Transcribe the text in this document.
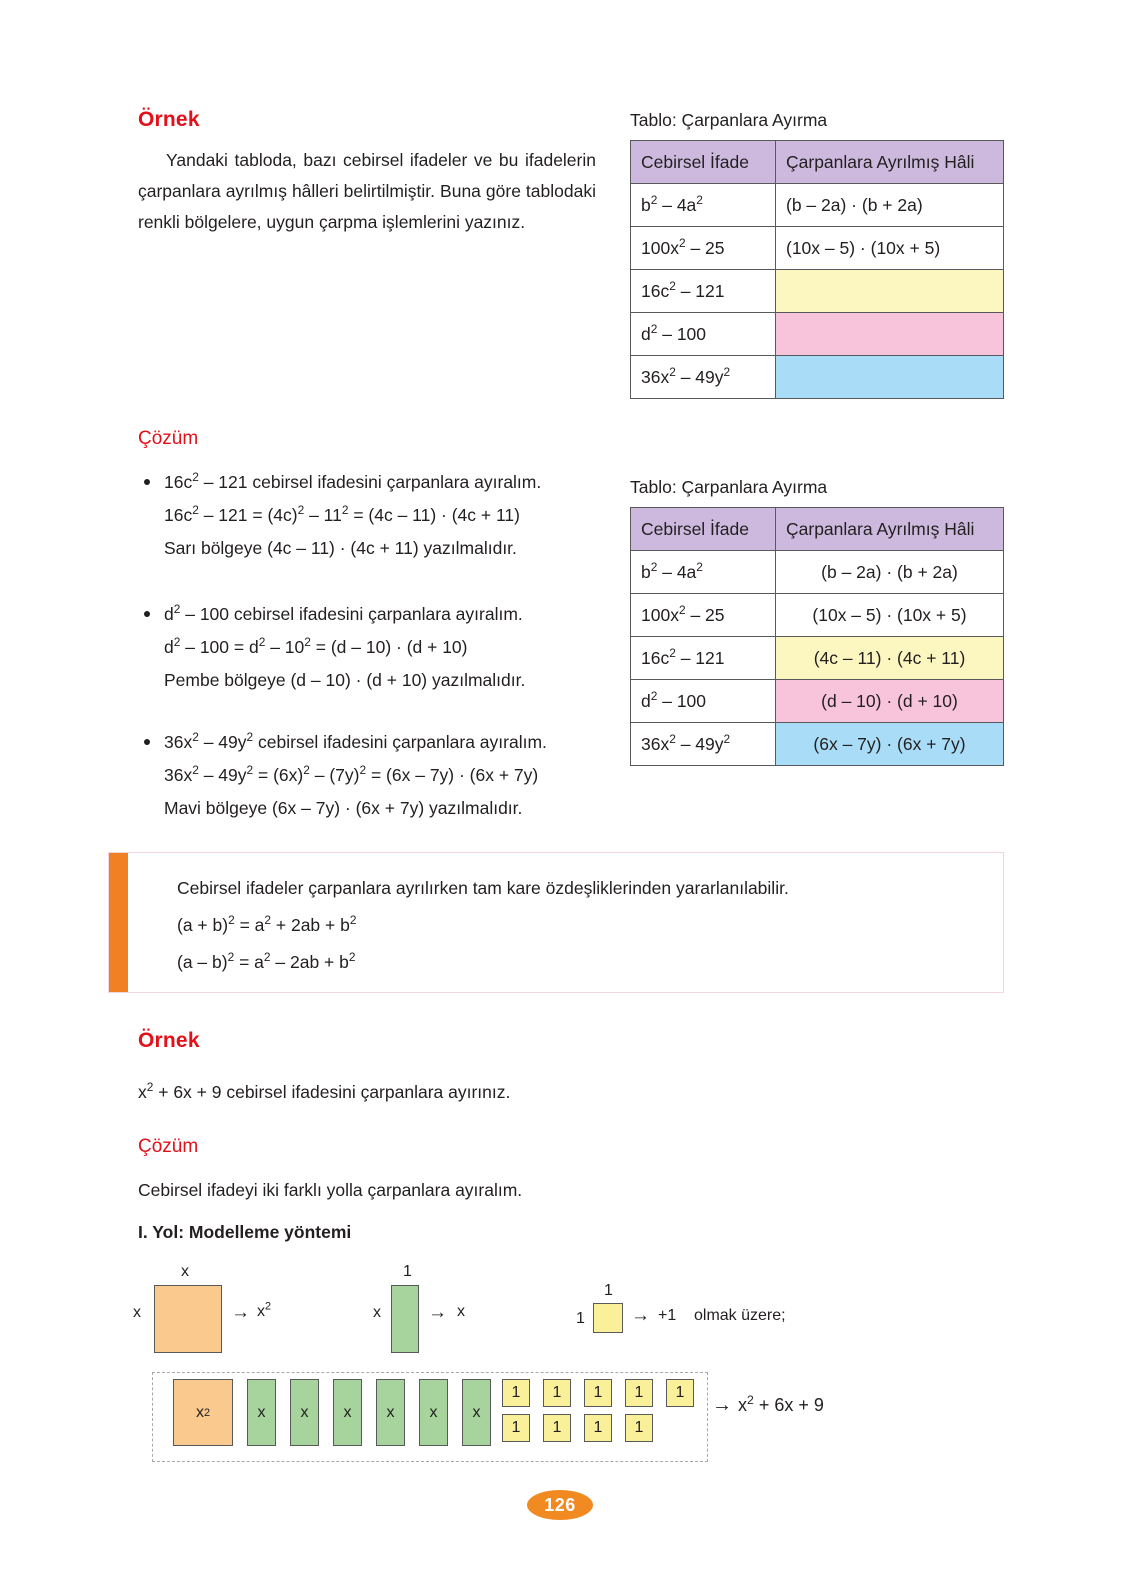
Örnek
Yandaki tabloda, bazı cebirsel ifadeler ve bu ifadelerin çarpanlara ayrılmış hâlleri belirtilmiştir. Buna göre tablodaki renkli bölgelere, uygun çarpma işlemlerini yazınız.
Tablo: Çarpanlara Ayırma
Cebirsel İfade	Çarpanlara Ayrılmış Hâli
$b^2 - 4a^2$	(b – 2a) · (b + 2a)
$100x^2 - 25$	(10x – 5) · (10x + 5)
$16c^2 - 121$	
$d^2 - 100$	
$36x^2 - 49y^2$	
Çözüm
$16c^2 - 121$ cebirsel ifadesini çarpanlara ayıralım.
$16c^2 - 121 = (4c)^2 - 11^2 = (4c - 11) \cdot (4c + 11)$
Sarı bölgeye (4c – 11) · (4c + 11) yazılmalıdır.
$d^2 - 100$ cebirsel ifadesini çarpanlara ayıralım.
$d^2 - 100 = d^2 - 10^2 = (d - 10) \cdot (d + 10)$
Pembe bölgeye (d – 10) · (d + 10) yazılmalıdır.
$36x^2 - 49y^2$ cebirsel ifadesini çarpanlara ayıralım.
$36x^2 - 49y^2 = (6x)^2 - (7y)^2 = (6x - 7y) \cdot (6x + 7y)$
Mavi bölgeye (6x – 7y) · (6x + 7y) yazılmalıdır.
Tablo: Çarpanlara Ayırma
Cebirsel İfade	Çarpanlara Ayrılmış Hâli
$b^2 - 4a^2$	(b – 2a) · (b + 2a)
$100x^2 - 25$	(10x – 5) · (10x + 5)
$16c^2 - 121$	(4c – 11) · (4c + 11)
$d^2 - 100$	(d – 10) · (d + 10)
$36x^2 - 49y^2$	(6x – 7y) · (6x + 7y)
Cebirsel ifadeler çarpanlara ayrılırken tam kare özdeşliklerinden yararlanılabilir.
$(a + b)^2 = a^2 + 2ab + b^2$
$(a - b)^2 = a^2 - 2ab + b^2$
Örnek
$x^2 + 6x + 9$ cebirsel ifadesini çarpanlara ayırınız.
Çözüm
Cebirsel ifadeyi iki farklı yolla çarpanlara ayıralım.
I. Yol: Modelleme yöntemi
x
x	→ $x^2$
1
x → x
1
1 → +1 olmak üzere;
x 2	x	x	x	x	x	x
1	1	1	1	1
1	1	1	1
→ $x^2 + 6x + 9$
126
